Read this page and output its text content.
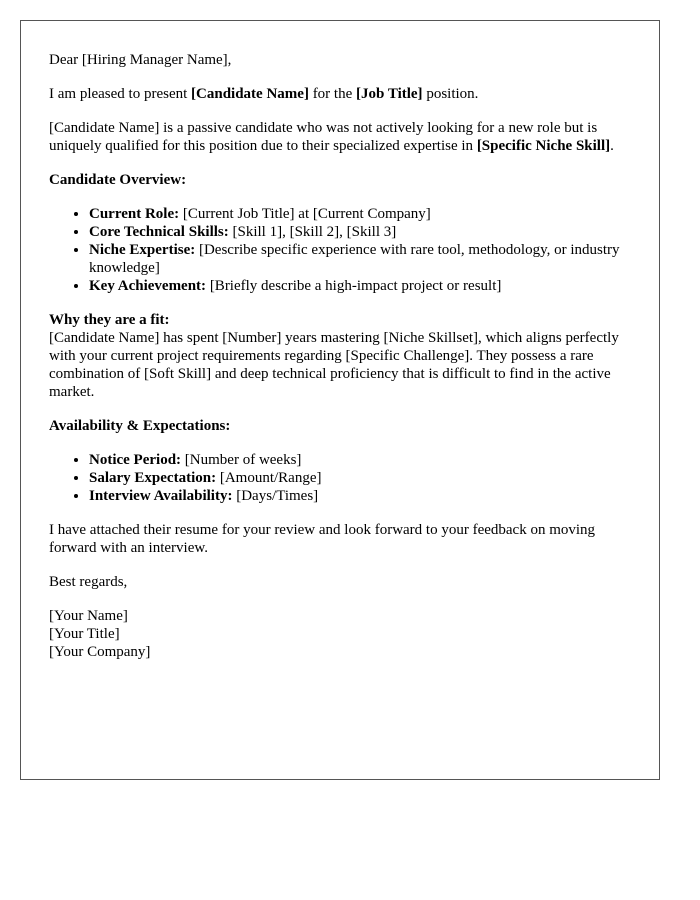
Dear [Hiring Manager Name],

I am pleased to present [Candidate Name] for the [Job Title] position.

[Candidate Name] is a passive candidate who was not actively looking for a new role but is uniquely qualified for this position due to their specialized expertise in [Specific Niche Skill].

Candidate Overview:

• Current Role: [Current Job Title] at [Current Company]
• Core Technical Skills: [Skill 1], [Skill 2], [Skill 3]
• Niche Expertise: [Describe specific experience with rare tool, methodology, or industry knowledge]
• Key Achievement: [Briefly describe a high-impact project or result]

Why they are a fit:
[Candidate Name] has spent [Number] years mastering [Niche Skillset], which aligns perfectly with your current project requirements regarding [Specific Challenge]. They possess a rare combination of [Soft Skill] and deep technical proficiency that is difficult to find in the active market.

Availability & Expectations:

• Notice Period: [Number of weeks]
• Salary Expectation: [Amount/Range]
• Interview Availability: [Days/Times]

I have attached their resume for your review and look forward to your feedback on moving forward with an interview.

Best regards,

[Your Name]
[Your Title]
[Your Company]
